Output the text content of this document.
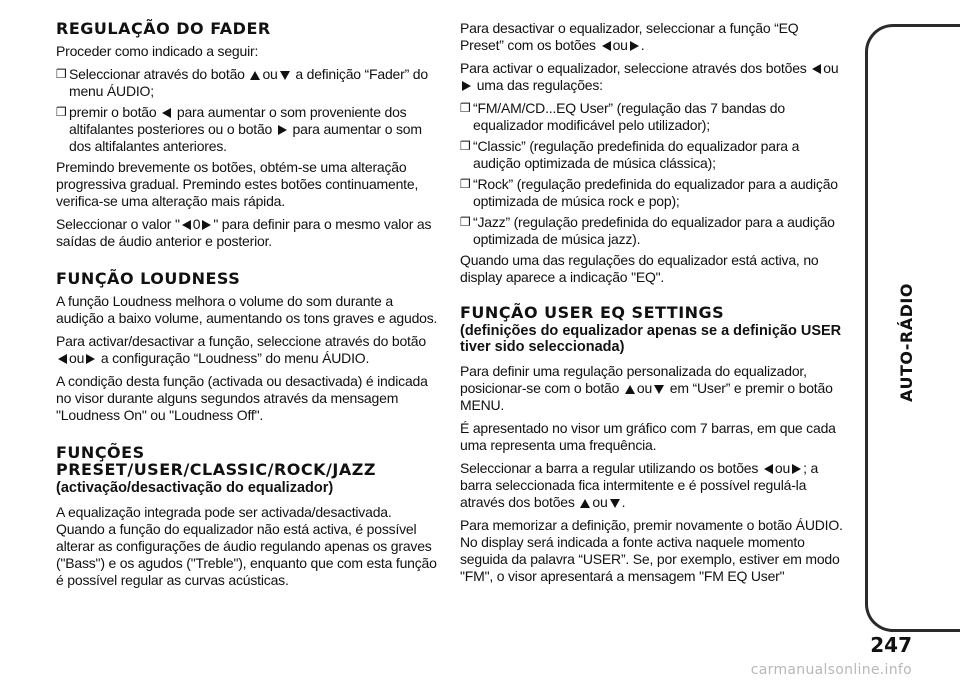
REGULAÇÃO DO FADER

Proceder como indicado a seguir:

❒ Seleccionar através do botão ou a definição “Fader” do menu ÁUDIO;

❒ premir o botão para aumentar o som proveniente dos altifalantes posteriores ou o botão para aumentar o som dos altifalantes anteriores.

Premindo brevemente os botões, obtém-se uma alteração progressiva gradual. Premindo estes botões continuamente, verifica-se uma alteração mais rápida.

Seleccionar o valor " 0 " para definir para o mesmo valor as saídas de áudio anterior e posterior.

FUNÇÃO LOUDNESS

A função Loudness melhora o volume do som durante a audição a baixo volume, aumentando os tons graves e agudos.

Para activar/desactivar a função, seleccione através do botão ou a configuração “Loudness” do menu ÁUDIO.

A condição desta função (activada ou desactivada) é indicada no visor durante alguns segundos através da mensagem "Loudness On" ou "Loudness Off".

FUNÇÕES
PRESET/USER/CLASSIC/ROCK/JAZZ
(activação/desactivação do equalizador)

A equalização integrada pode ser activada/desactivada. Quando a função do equalizador não está activa, é possível alterar as configurações de áudio regulando apenas os graves ("Bass") e os agudos ("Treble"), enquanto que com esta função é possível regular as curvas acústicas.

Para desactivar o equalizador, seleccionar a função “EQ Preset” com os botões ou .

Para activar o equalizador, seleccione através dos botões ou  uma das regulações:

❒ “FM/AM/CD...EQ User” (regulação das 7 bandas do equalizador modificável pelo utilizador);

❒ “Classic” (regulação predefinida do equalizador para a audição optimizada de música clássica);

❒ “Rock” (regulação predefinida do equalizador para a audição optimizada de música rock e pop);

❒ “Jazz” (regulação predefinida do equalizador para a audição optimizada de música jazz).

Quando uma das regulações do equalizador está activa, no display aparece a indicação "EQ".

FUNÇÃO USER EQ SETTINGS
(definições do equalizador apenas se a definição USER tiver sido seleccionada)

Para definir uma regulação personalizada do equalizador, posicionar-se com o botão ou em “User” e premir o botão MENU.

É apresentado no visor um gráfico com 7 barras, em que cada uma representa uma frequência.

Seleccionar a barra a regular utilizando os botões ou ; a barra seleccionada fica intermitente e é possível regulá-la através dos botões ou .

Para memorizar a definição, premir novamente o botão ÁUDIO. No display será indicada a fonte activa naquele momento seguida da palavra “USER”. Se, por exemplo, estiver em modo "FM", o visor apresentará a mensagem "FM EQ User"

AUTO-RÁDIO
247
carmanualsonline.info
